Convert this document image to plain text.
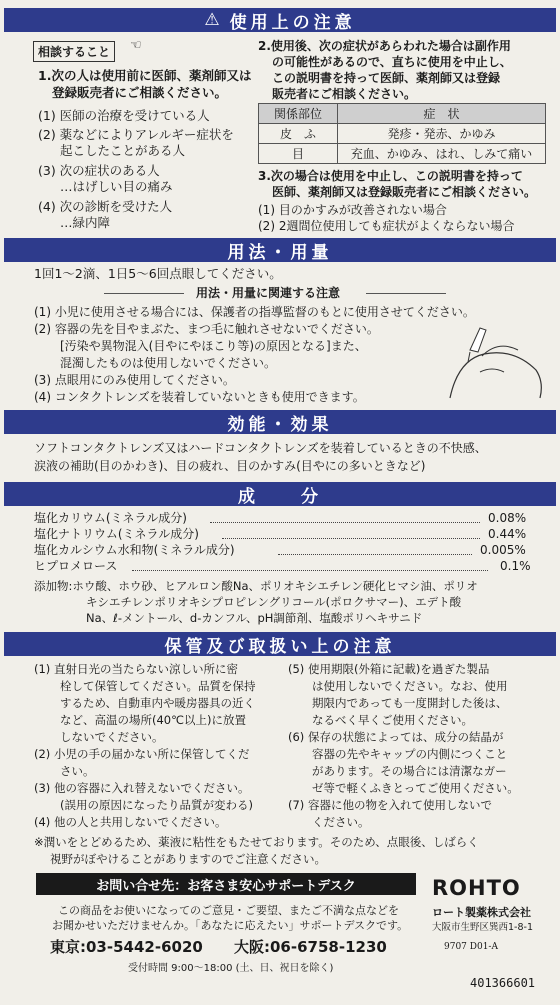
⚠ 使用上の注意
相談すること	☜
1.次の人は使用前に医師、薬剤師又は
登録販売者にご相談ください。
(1) 医師の治療を受けている人
(2) 薬などによりアレルギー症状を
起こしたことがある人
(3) 次の症状のある人
…はげしい目の痛み
(4) 次の診断を受けた人
…緑内障
2.使用後、次の症状があらわれた場合は副作用
の可能性があるので、直ちに使用を中止し、
この説明書を持って医師、薬剤師又は登録
販売者にご相談ください。
関係部位	症　状
皮　ふ	発疹・発赤、かゆみ
目	充血、かゆみ、はれ、しみて痛い
3.次の場合は使用を中止し、この説明書を持って
医師、薬剤師又は登録販売者にご相談ください。
(1) 目のかすみが改善されない場合
(2) 2週間位使用しても症状がよくならない場合
用法・用量
1回1～2滴、1日5～6回点眼してください。
用法・用量に関連する注意
(1) 小児に使用させる場合には、保護者の指導監督のもとに使用させてください。
(2) 容器の先を目やまぶた、まつ毛に触れさせないでください。
[汚染や異物混入(目やにやほこり等)の原因となる]また、
混濁したものは使用しないでください。
(3) 点眼用にのみ使用してください。
(4) コンタクトレンズを装着していないときも使用できます。
効能・効果
ソフトコンタクトレンズ又はハードコンタクトレンズを装着しているときの不快感、
涙液の補助(目のかわき)、目の疲れ、目のかすみ(目やにの多いときなど)
成　　分
塩化カリウム(ミネラル成分)	0.08%
塩化ナトリウム(ミネラル成分)	0.44%
塩化カルシウム水和物(ミネラル成分)	0.005%
ヒプロメロース	0.1%
添加物:ホウ酸、ホウ砂、ヒアルロン酸Na、ポリオキシエチレン硬化ヒマシ油、ポリオ
キシエチレンポリオキシプロピレングリコール(ポロクサマー)、エデト酸
Na、ℓ-メントール、d-カンフル、pH調節剤、塩酸ポリヘキサニド
保管及び取扱い上の注意
(1) 直射日光の当たらない涼しい所に密
栓して保管してください。品質を保持
するため、自動車内や暖房器具の近く
など、高温の場所(40℃以上)に放置
しないでください。
(2) 小児の手の届かない所に保管してくだ
さい。
(3) 他の容器に入れ替えないでください。
(誤用の原因になったり品質が変わる)
(4) 他の人と共用しないでください。
(5) 使用期限(外箱に記載)を過ぎた製品
は使用しないでください。なお、使用
期限内であっても一度開封した後は、
なるべく早くご使用ください。
(6) 保存の状態によっては、成分の結晶が
容器の先やキャップの内側につくこと
があります。その場合には清潔なガー
ゼ等で軽くふきとってご使用ください。
(7) 容器に他の物を入れて使用しないで
ください。
※潤いをとどめるため、薬液に粘性をもたせております。そのため、点眼後、しばらく
視野がぼやけることがありますのでご注意ください。
お問い合せ先：お客さま安心サポートデスク
この商品をお使いになってのご意見・ご要望、またご不満な点などを
お聞かせいただけませんか。「あなたに応えたい」サポートデスクです。
東京:03-5442-6020 大阪:06-6758-1230
受付時間 9:00～18:00 (土、日、祝日を除く)
ROHTO
ロート製薬株式会社
大阪市生野区巽西1-8-1
9707 D01-A
401366601
